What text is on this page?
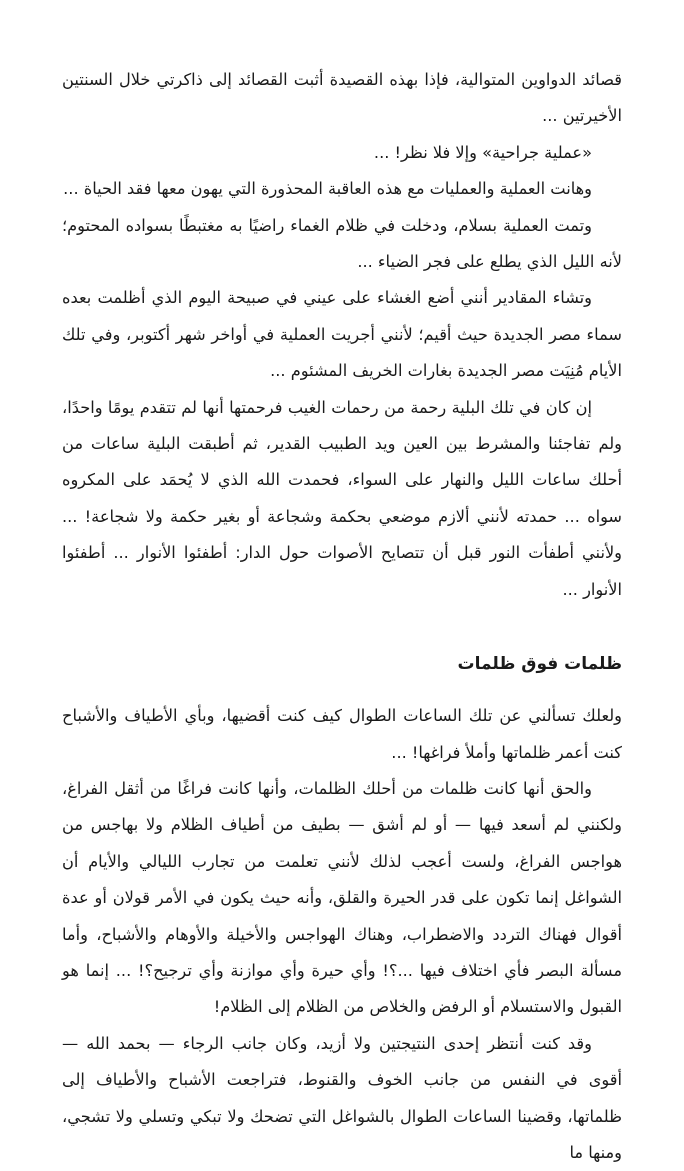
قصائد الدواوين المتوالية، فإذا بهذه القصيدة أثبت القصائد إلى ذاكرتي خلال السنتين الأخيرتين ...

«عملية جراحية» وإلا فلا نظر! ...

وهانت العملية والعمليات مع هذه العاقبة المحذورة التي يهون معها فقد الحياة ...

وتمت العملية بسلام، ودخلت في ظلام الغماء راضيًا به مغتبطًا بسواده المحتوم؛ لأنه الليل الذي يطلع على فجر الضياء ...

وتشاء المقادير أنني أضع الغشاء على عيني في صبيحة اليوم الذي أظلمت بعده سماء مصر الجديدة حيث أقيم؛ لأنني أجريت العملية في أواخر شهر أكتوبر، وفي تلك الأيام مُنِيَت مصر الجديدة بغارات الخريف المشئوم ...

إن كان في تلك البلية رحمة من رحمات الغيب فرحمتها أنها لم تتقدم يومًا واحدًا، ولم تفاجئنا والمشرط بين العين ويد الطبيب القدير، ثم أطبقت البلية ساعات من أحلك ساعات الليل والنهار على السواء، فحمدت الله الذي لا يُحمَد على المكروه سواه ... حمدته لأنني ألازم موضعي بحكمة وشجاعة أو بغير حكمة ولا شجاعة! ... ولأنني أطفأت النور قبل أن تتصايح الأصوات حول الدار: أطفئوا الأنوار ... أطفئوا الأنوار ...

ظلمات فوق ظلمات

ولعلك تسألني عن تلك الساعات الطوال كيف كنت أقضيها، وبأي الأطياف والأشباح كنت أعمر ظلماتها وأملأ فراغها! ...

والحق أنها كانت ظلمات من أحلك الظلمات، وأنها كانت فراغًا من أثقل الفراغ، ولكنني لم أسعد فيها — أو لم أشق — بطيف من أطياف الظلام ولا بهاجس من هواجس الفراغ، ولست أعجب لذلك لأنني تعلمت من تجارب الليالي والأيام أن الشواغل إنما تكون على قدر الحيرة والقلق، وأنه حيث يكون في الأمر قولان أو عدة أقوال فهناك التردد والاضطراب، وهناك الهواجس والأخيلة والأوهام والأشباح، وأما مسألة البصر فأي اختلاف فيها ...؟! وأي حيرة وأي موازنة وأي ترجيح؟! ... إنما هو القبول والاستسلام أو الرفض والخلاص من الظلام إلى الظلام!

وقد كنت أنتظر إحدى النتيجتين ولا أزيد، وكان جانب الرجاء — بحمد الله — أقوى في النفس من جانب الخوف والقنوط، فتراجعت الأشباح والأطياف إلى ظلماتها، وقضينا الساعات الطوال بالشواغل التي تضحك ولا تبكي وتسلي ولا تشجي، ومنها ما
